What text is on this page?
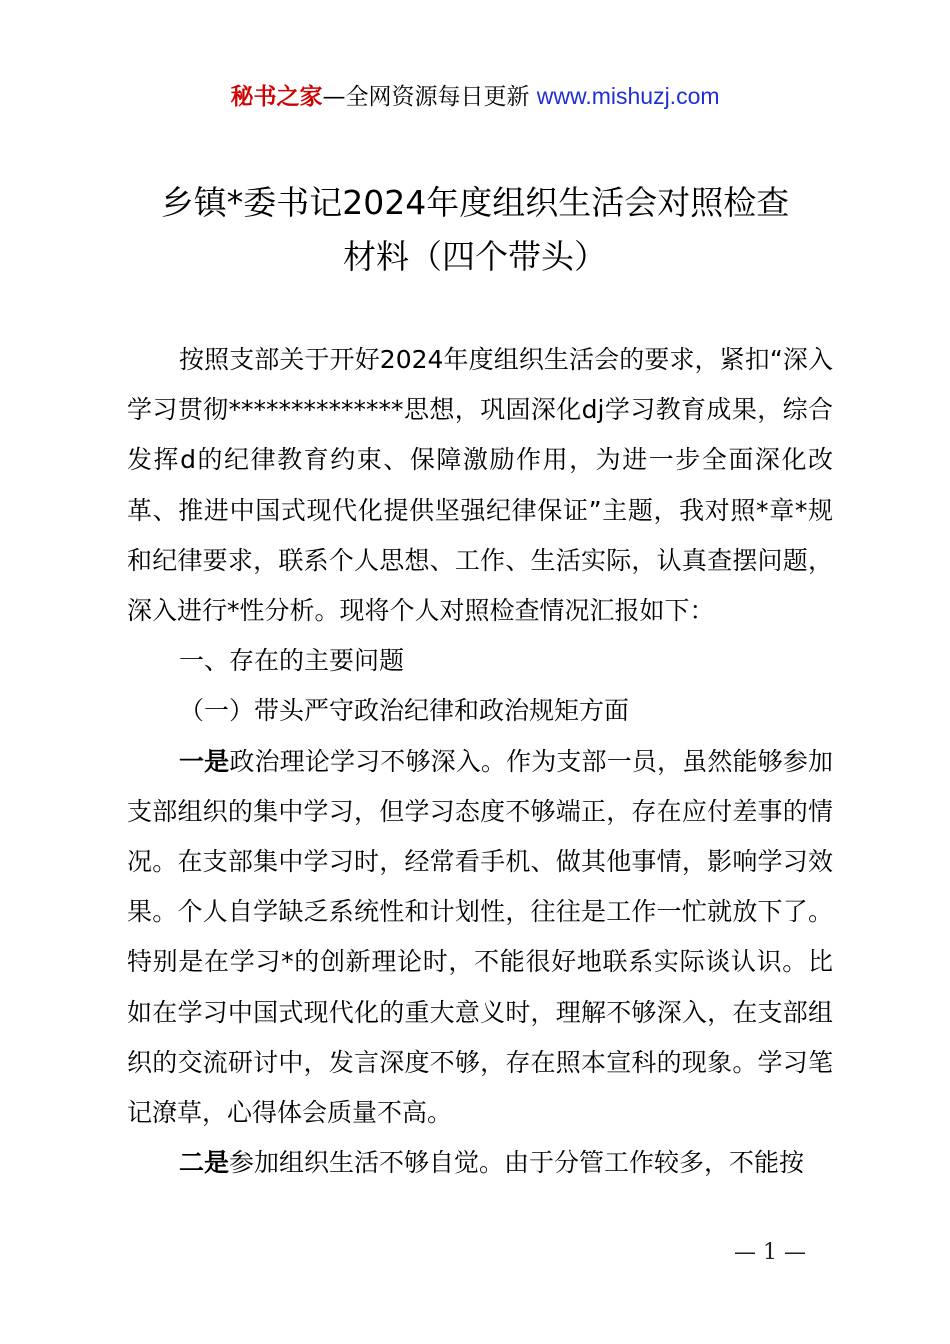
秘书之家—全网资源每日更新 www.mishuzj.com
乡镇*委书记2024年度组织生活会对照检查
材料（四个带头）

按照支部关于开好2024年度组织生活会的要求，紧扣“深入学习贯彻**************思想，巩固深化dj学习教育成果，综合发挥d的纪律教育约束、保障激励作用，为进一步全面深化改革、推进中国式现代化提供坚强纪律保证”主题，我对照*章*规和纪律要求，联系个人思想、工作、生活实际，认真查摆问题，深入进行*性分析。现将个人对照检查情况汇报如下：

一、存在的主要问题

（一）带头严守政治纪律和政治规矩方面

一是政治理论学习不够深入。作为支部一员，虽然能够参加支部组织的集中学习，但学习态度不够端正，存在应付差事的情况。在支部集中学习时，经常看手机、做其他事情，影响学习效果。个人自学缺乏系统性和计划性，往往是工作一忙就放下了。特别是在学习*的创新理论时，不能很好地联系实际谈认识。比如在学习中国式现代化的重大意义时，理解不够深入，在支部组织的交流研讨中，发言深度不够，存在照本宣科的现象。学习笔记潦草，心得体会质量不高。

二是参加组织生活不够自觉。由于分管工作较多，不能按

— 1 —
